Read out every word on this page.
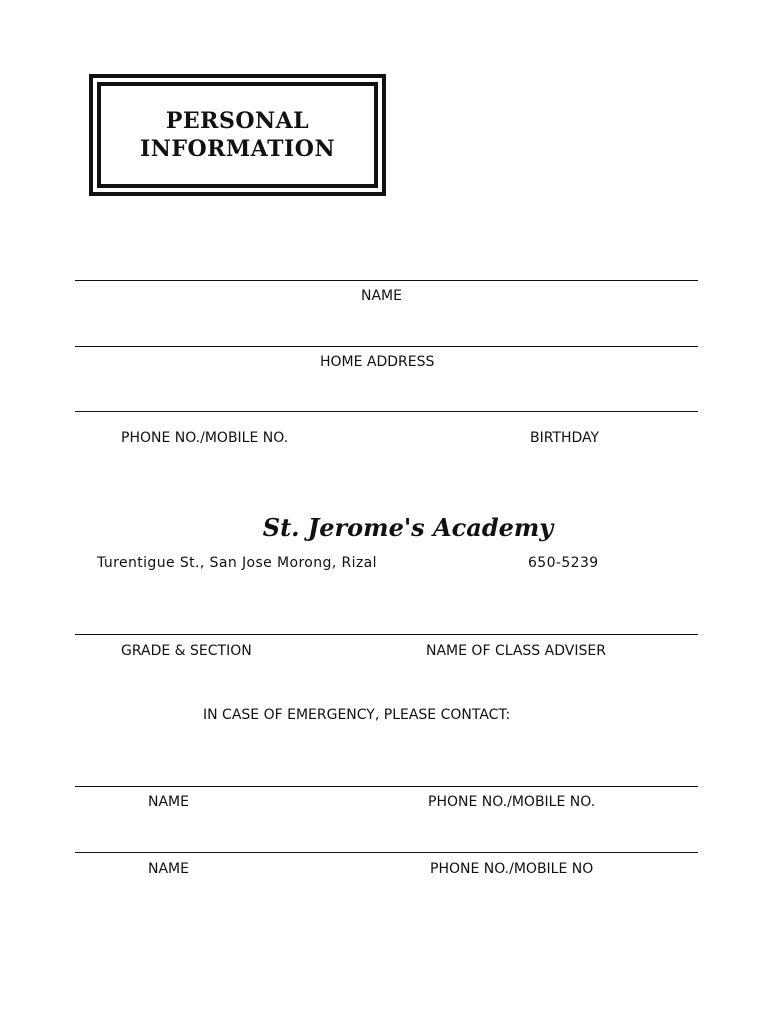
PERSONAL
INFORMATION
NAME
HOME ADDRESS
PHONE NO./MOBILE NO.	BIRTHDAY
St. Jerome's Academy
Turentigue St., San Jose Morong, Rizal	650-5239
GRADE & SECTION	NAME OF CLASS ADVISER
IN CASE OF EMERGENCY, PLEASE CONTACT:
NAME	PHONE NO./MOBILE NO.
NAME	PHONE NO./MOBILE NO
